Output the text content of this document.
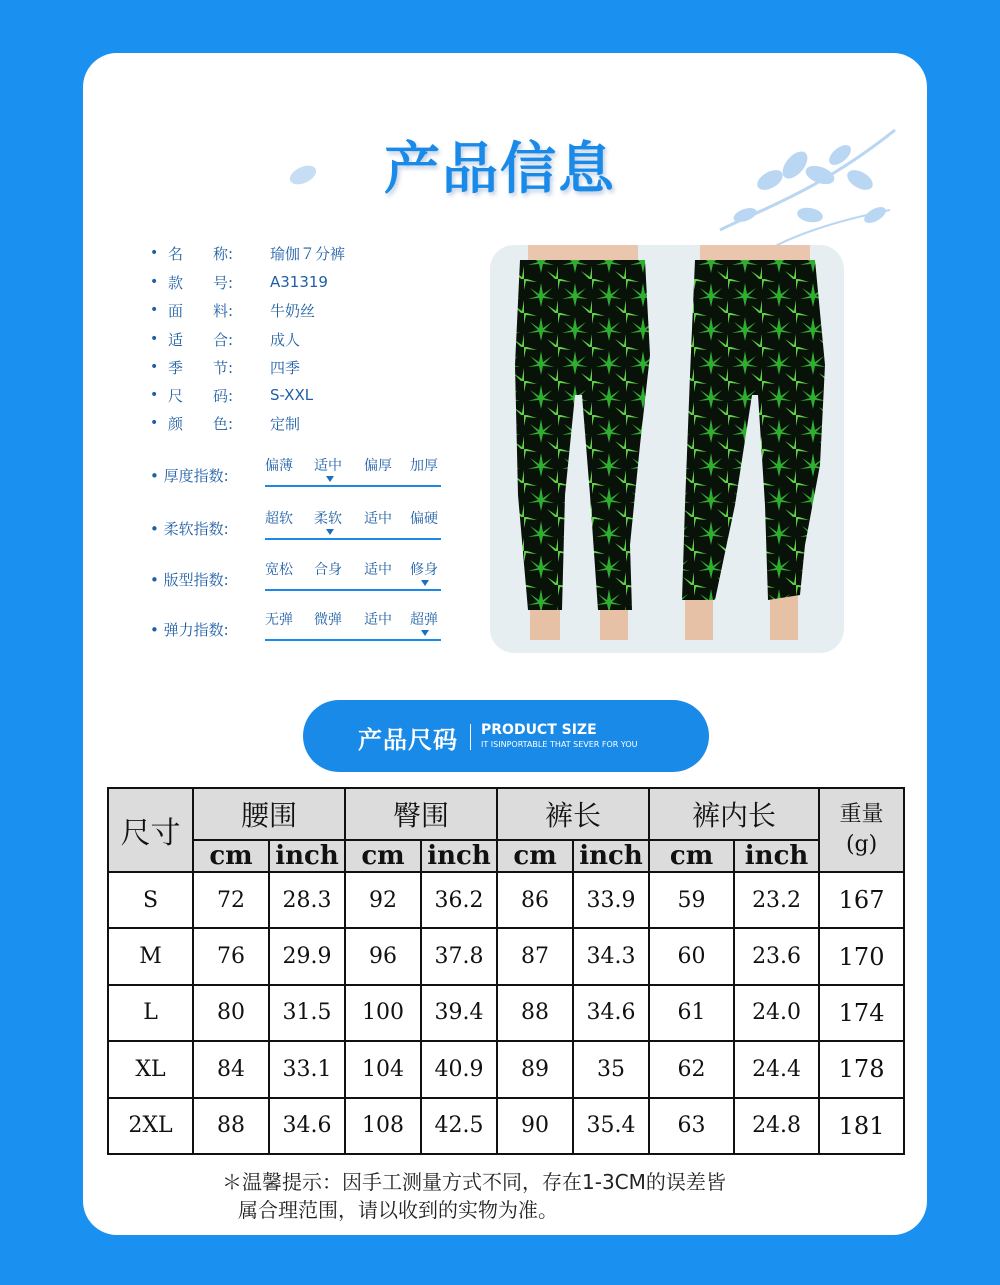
产品信息
• 名　　称:	瑜伽７分裤
• 款　　号:	A31319
• 面　　料:	牛奶丝
• 适　　合:	成人
• 季　　节:	四季
• 尺　　码:	S-XXL
• 颜　　色:	定制
• 厚度指数:
偏薄 适中 偏厚 加厚
• 柔软指数:
超软 柔软 适中 偏硬
• 版型指数:
宽松 合身 适中 修身
• 弹力指数:
无弹 微弹 适中 超弹
产品尺码 PRODUCT SIZE
IT ISINPORTABLE THAT SEVER FOR YOU
尺寸	腰围		臀围		裤长		裤内长		重量
(g)
	cm	inch	cm	inch	cm	inch	cm	inch	
S	72	28.3	92	36.2	86	33.9	59	23.2	167
M	76	29.9	96	37.8	87	34.3	60	23.6	170
L	80	31.5	100	39.4	88	34.6	61	24.0	174
XL	84	33.1	104	40.9	89	35	62	24.4	178
2XL	88	34.6	108	42.5	90	35.4	63	24.8	181
＊温馨提示：因手工测量方式不同，存在1-3CM的误差皆
属合理范围，请以收到的实物为准。
